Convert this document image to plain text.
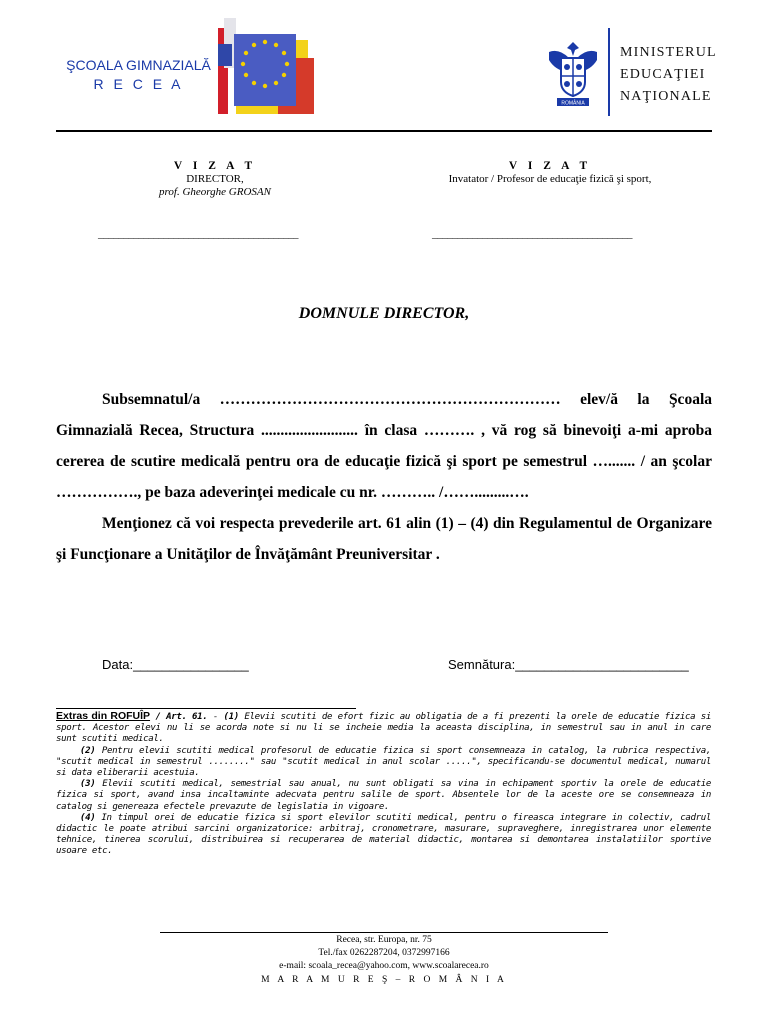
ŞCOALA GIMNAZIALĂ
R E C E A
ROMÂNIA
MINISTERUL
EDUCAŢIEI
NAŢIONALE
V I Z A T
DIRECTOR,
prof. Gheorghe GROSAN
________________________________________
V I Z A T
Invatator / Profesor de educaţie fizică şi sport,
________________________________________
DOMNULE DIRECTOR,

Subsemnatul/a ………………………………………………………… elev/ă la Şcoala Gimnazială Recea, Structura ......................... în clasa ………. , vă rog să binevoiţi a-mi aproba cererea de scutire medicală pentru ora de educaţie fizică şi sport pe semestrul …....... / an şcolar ……………., pe baza adeverinţei medicale cu nr. ……….. /…….........….

Menţionez că voi respecta prevederile art. 61 alin (1) – (4) din Regulamentul de Organizare şi Funcţionare a Unităţilor de Învăţământ Preuniversitar .

Data:________________	Semnătura:________________________

Extras din ROFUÎP / Art. 61. - (1) Elevii scutiti de efort fizic au obligatia de a fi prezenti la orele de educatie fizica si sport. Acestor elevi nu li se acorda note si nu li se incheie media la aceasta disciplina, in semestrul sau in anul in care sunt scutiti medical.

(2) Pentru elevii scutiti medical profesorul de educatie fizica si sport consemneaza in catalog, la rubrica respectiva, "scutit medical in semestrul ........" sau "scutit medical in anul scolar .....", specificandu-se documentul medical, numarul si data eliberarii acestuia.

(3) Elevii scutiti medical, semestrial sau anual, nu sunt obligati sa vina in echipament sportiv la orele de educatie fizica si sport, avand insa incaltaminte adecvata pentru salile de sport. Absentele lor de la aceste ore se consemneaza in catalog si genereaza efectele prevazute de legislatia in vigoare.

(4) In timpul orei de educatie fizica si sport elevilor scutiti medical, pentru o fireasca integrare in colectiv, cadrul didactic le poate atribui sarcini organizatorice: arbitraj, cronometrare, masurare, supraveghere, inregistrarea unor elemente tehnice, tinerea scorului, distribuirea si recuperarea de material didactic, montarea si demontarea instalatiilor sportive usoare etc.

Recea, str. Europa, nr. 75
Tel./fax 0262287204, 0372997166
e-mail: scoala_recea@yahoo.com, www.scoalarecea.ro
M A R A M U R E Ş – R O M Â N I A
